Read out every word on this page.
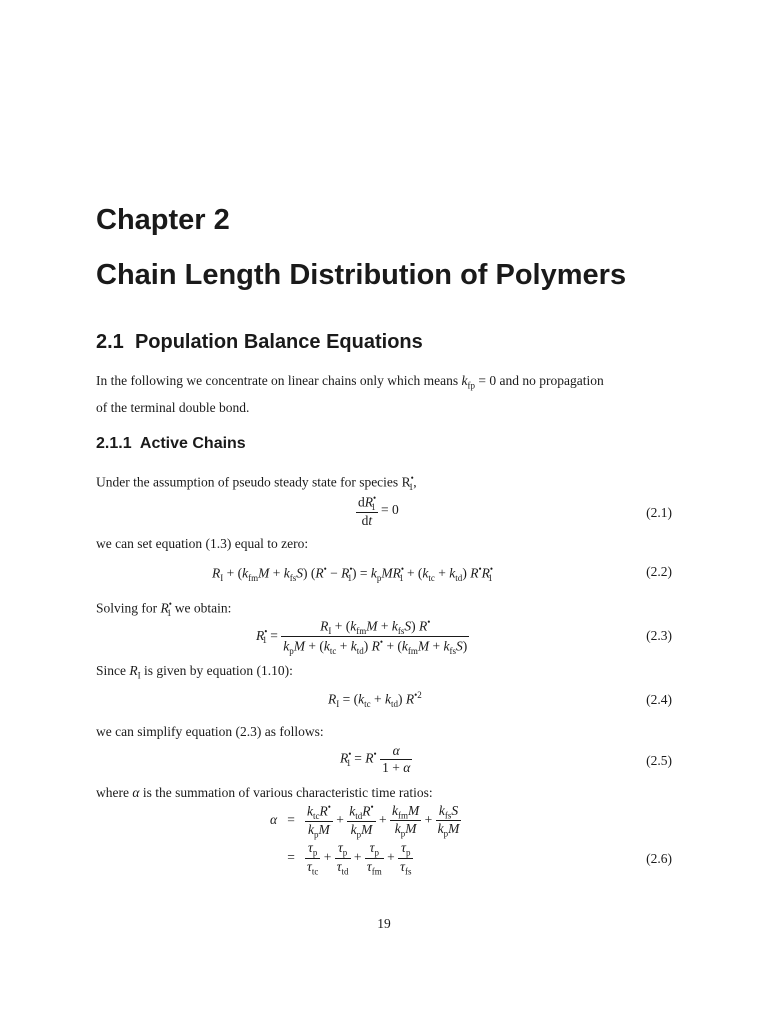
Chapter 2
Chain Length Distribution of Polymers
2.1 Population Balance Equations
In the following we concentrate on linear chains only which means $k_{fp} = 0$ and no propagation
of the terminal double bond.
2.1.1 Active Chains
Under the assumption of pseudo steady state for species $R^•_1$,
$\frac{dR^•_1}{dt} = 0$	(2.1)
we can set equation (1.3) equal to zero:
$R_I + (k_{fm}M + k_{fs}S) (R^• - R^•_1) = k_pMR^•_1 + (k_{tc} + k_{td})$ $R^•R^•_1$	(2.2)
Solving for $R^•_1$ we obtain:
$R^•_1 = \frac{R_I + (k_{fm}M + k_{fs}S) R^•}{k_pM + (k_{tc} + k_{td}) R^• + (k_{fm}M + k_{fs}S)}$	(2.3)
Since $R_I$ is given by equation (1.10):
$R_I = (k_{tc} + k_{td})$ $R^{•2}$	(2.4)
we can simplify equation (2.3) as follows:
$R^•_1 = R^• \frac{\alpha}{1 + \alpha}$	(2.5)
where α is the summation of various characteristic time ratios:
$\alpha = \frac{k_{tc}R^•}{k_pM} + \frac{k_{td}R^•}{k_pM} + \frac{k_{fm}M}{k_pM} + \frac{k_{fs}S}{k_pM}$
= $\frac{\tau_p}{\tau_{tc}} + \frac{\tau_p}{\tau_{td}} + \frac{\tau_p}{\tau_{fm}} + \frac{\tau_p}{\tau_{fs}}$	(2.6)
19
